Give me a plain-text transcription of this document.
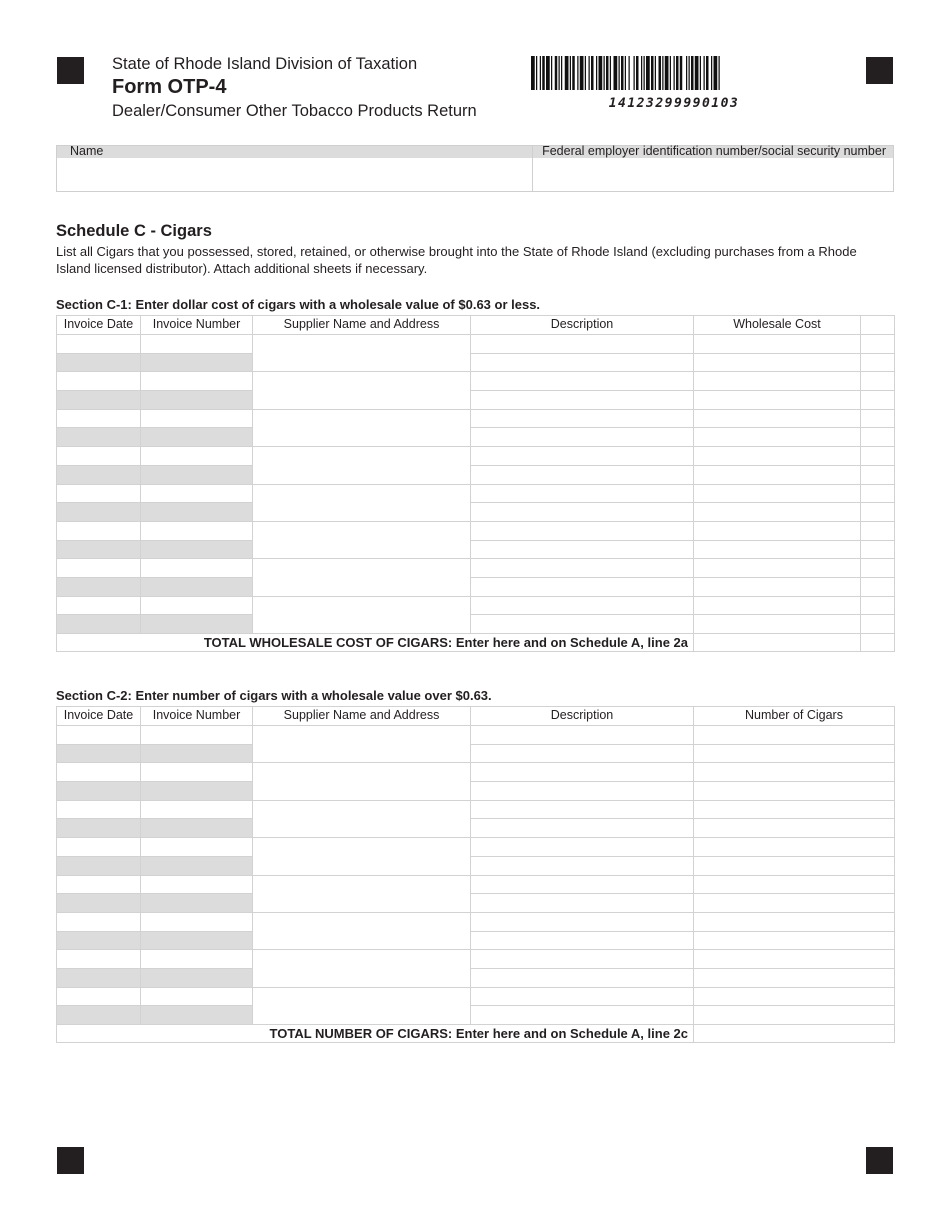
State of Rhode Island Division of Taxation
Form OTP-4
Dealer/Consumer Other Tobacco Products Return	14123299990103
Name	Federal employer identification number/social security number
Schedule C - Cigars
List all Cigars that you possessed, stored, retained, or otherwise brought into the State of Rhode Island (excluding purchases from a Rhode Island licensed distributor). Attach additional sheets if necessary.
Section C-1: Enter dollar cost of cigars with a wholesale value of $0.63 or less.
Invoice Date	Invoice Number	Supplier Name and Address	Description	Wholesale Cost	

TOTAL WHOLESALE COST OF CIGARS: Enter here and on Schedule A, line 2a					
Section C-2: Enter number of cigars with a wholesale value over $0.63.
Invoice Date	Invoice Number	Supplier Name and Address	Description	Number of Cigars

TOTAL NUMBER OF CIGARS: Enter here and on Schedule A, line 2c				
